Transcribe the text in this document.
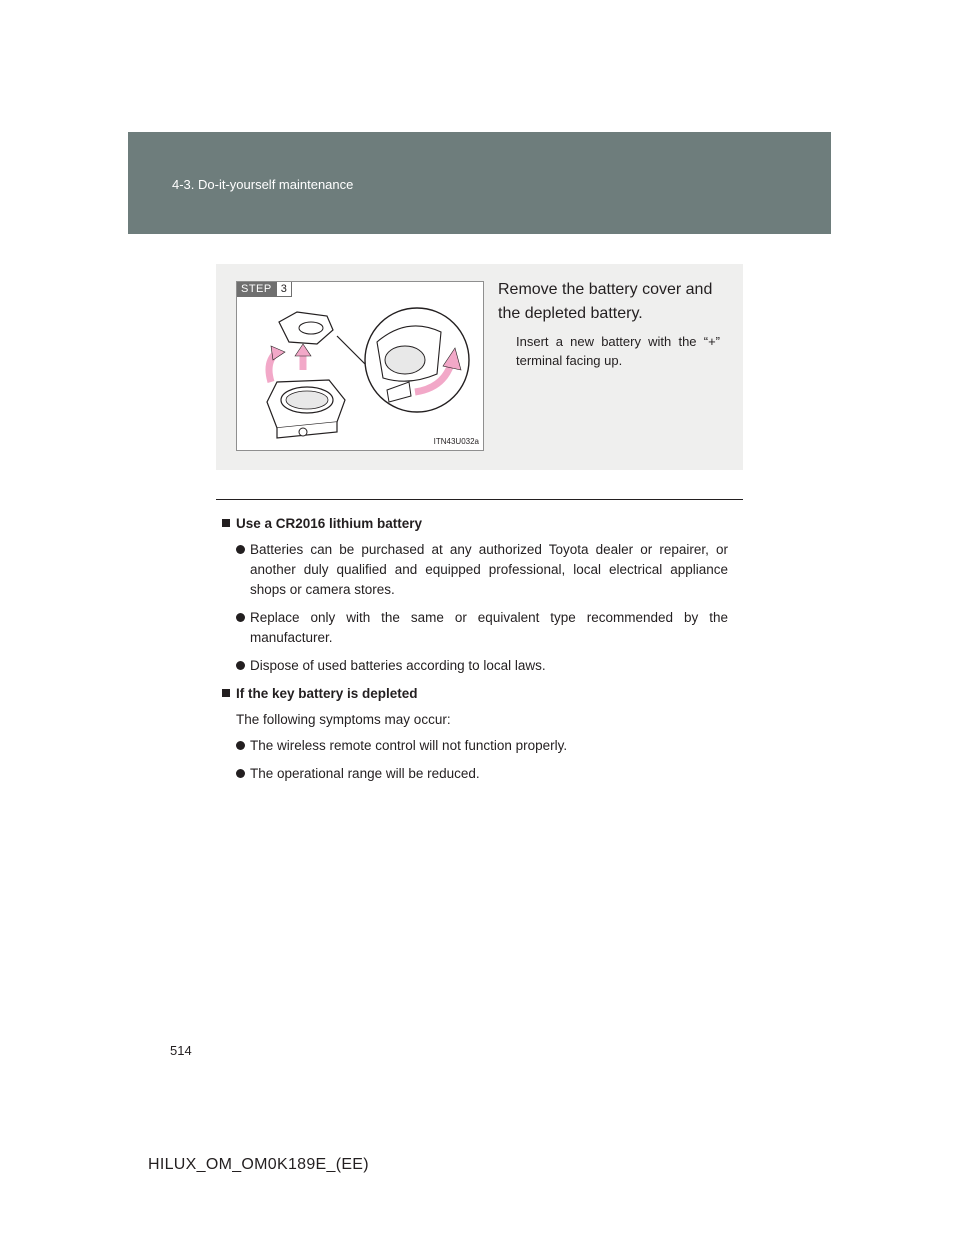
4-3. Do-it-yourself maintenance
STEP 3
ITN43U032a
Remove the battery cover and the depleted battery.
Insert a new battery with the “+” terminal facing up.
Use a CR2016 lithium battery
Batteries can be purchased at any authorized Toyota dealer or repairer, or another duly qualified and equipped professional, local electrical appliance shops or camera stores.
Replace only with the same or equivalent type recommended by the manufacturer.
Dispose of used batteries according to local laws.
If the key battery is depleted
The following symptoms may occur:
The wireless remote control will not function properly.
The operational range will be reduced.
514
HILUX_OM_OM0K189E_(EE)
